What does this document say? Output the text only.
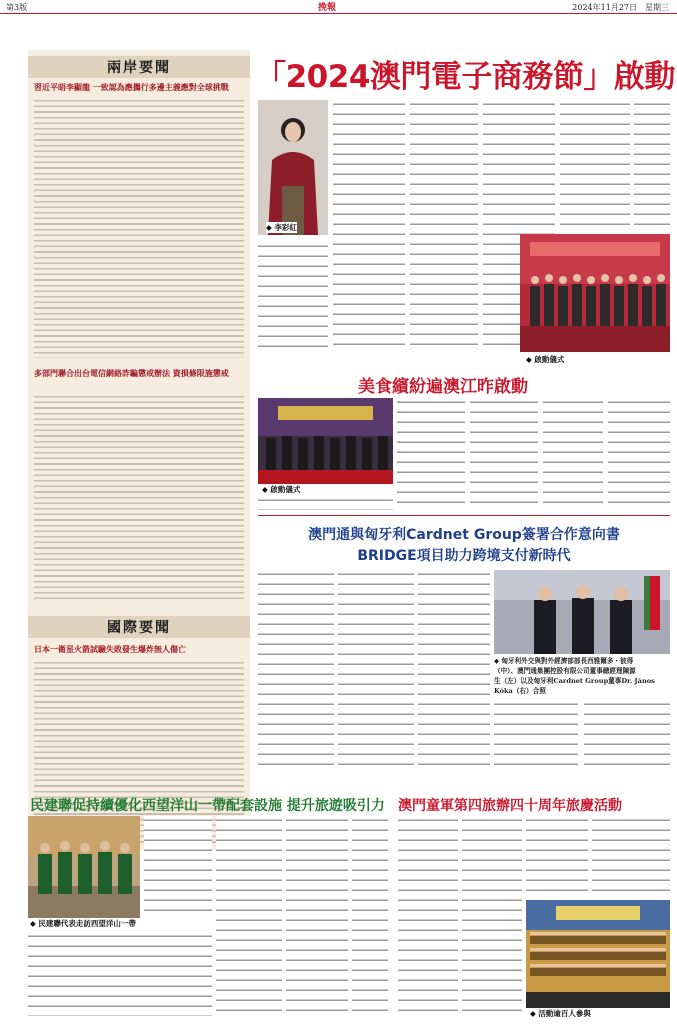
第3版	挽報	2024年11月27日　 星期三
兩岸要聞
習近平晤李顯龍 一致認為應攜行多邊主義應對全球挑戰
多部門聯合出台電信網絡詐騙懲戒辦法 資損條限施懲戒
國際要聞
日本一衛星火箭試驗失敗發生爆炸無人傷亡
「2024澳門電子商務節」啟動
◆ 李彩紅
◆ 啟動儀式
美食繽紛遍澳江昨啟動
◆ 啟動儀式
澳門通與匈牙利Cardnet Group簽署合作意向書
BRIDGE項目助力跨境支付新時代
◆ 匈牙利外交與對外經濟部部長西雅爾多・彼得
（中）、澳門通集團控股有限公司董事總經理陳源
生（左）以及匈牙利Cardnet Group董事Dr. János
Kóka（右）合照
民建聯促持續優化西望洋山一帶配套設施 提升旅遊吸引力
◆ 民建聯代表走訪西望洋山一帶
澳門童軍第四旅辦四十周年旅慶活動
◆ 活動逾百人參與
